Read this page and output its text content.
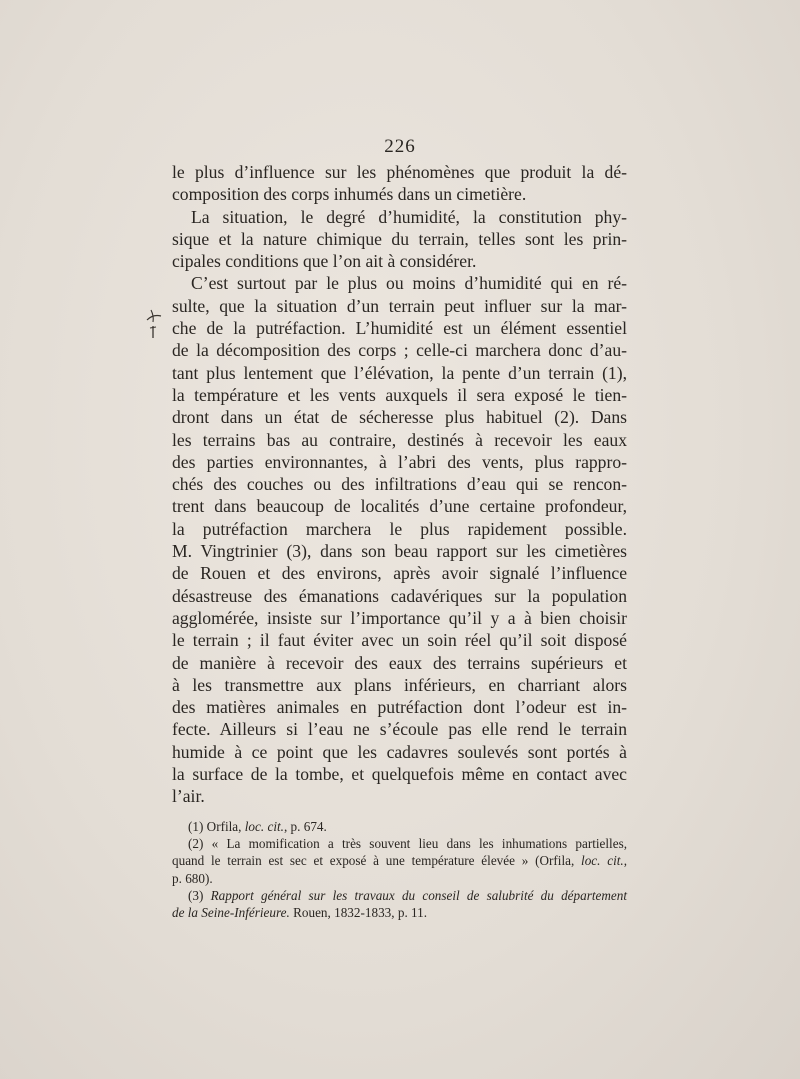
226
le plus d’influence sur les phénomènes que produit la dé-
composition des corps inhumés dans un cimetière.
La situation, le degré d’humidité, la constitution phy-
sique et la nature chimique du terrain, telles sont les prin-
cipales conditions que l’on ait à considérer.
C’est surtout par le plus ou moins d’humidité qui en ré-
sulte, que la situation d’un terrain peut influer sur la mar-
che de la putréfaction. L’humidité est un élément essentiel
de la décomposition des corps ; celle-ci marchera donc d’au-
tant plus lentement que l’élévation, la pente d’un terrain (1),
la température et les vents auxquels il sera exposé le tien-
dront dans un état de sécheresse plus habituel (2). Dans
les terrains bas au contraire, destinés à recevoir les eaux
des parties environnantes, à l’abri des vents, plus rappro-
chés des couches ou des infiltrations d’eau qui se rencon-
trent dans beaucoup de localités d’une certaine profondeur,
la putréfaction marchera le plus rapidement possible.
M. Vingtrinier (3), dans son beau rapport sur les cimetières
de Rouen et des environs, après avoir signalé l’influence
désastreuse des émanations cadavériques sur la population
agglomérée, insiste sur l’importance qu’il y a à bien choisir
le terrain ; il faut éviter avec un soin réel qu’il soit disposé
de manière à recevoir des eaux des terrains supérieurs et
à les transmettre aux plans inférieurs, en charriant alors
des matières animales en putréfaction dont l’odeur est in-
fecte. Ailleurs si l’eau ne s’écoule pas elle rend le terrain
humide à ce point que les cadavres soulevés sont portés à
la surface de la tombe, et quelquefois même en contact avec
l’air.
(1) Orfila, loc. cit., p. 674.
(2) « La momification a très souvent lieu dans les inhumations partielles,
quand le terrain est sec et exposé à une température élevée » (Orfila, loc. cit.,
p. 680).
(3) Rapport général sur les travaux du conseil de salubrité du département
de la Seine-Inférieure. Rouen, 1832-1833, p. 11.
